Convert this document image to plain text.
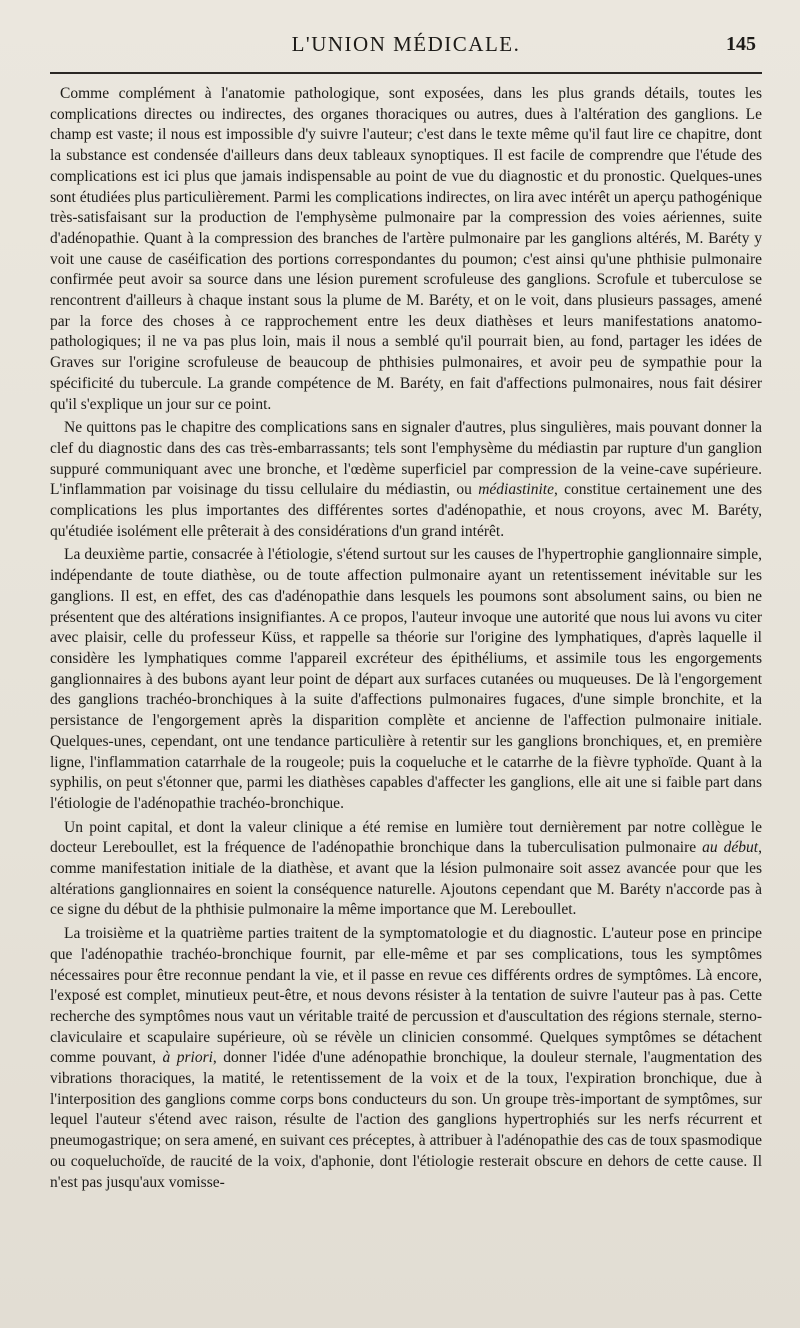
L'UNION MÉDICALE.	145

Comme complément à l'anatomie pathologique, sont exposées, dans les plus grands détails, toutes les complications directes ou indirectes, des organes thoraciques ou autres, dues à l'altération des ganglions. Le champ est vaste; il nous est impossible d'y suivre l'auteur; c'est dans le texte même qu'il faut lire ce chapitre, dont la substance est condensée d'ailleurs dans deux tableaux synoptiques. Il est facile de comprendre que l'étude des complications est ici plus que jamais indispensable au point de vue du diagnostic et du pronostic. Quelques-unes sont étudiées plus particulièrement. Parmi les complications indirectes, on lira avec intérêt un aperçu pathogénique très-satisfaisant sur la production de l'emphysème pulmonaire par la compression des voies aériennes, suite d'adénopathie. Quant à la compression des branches de l'artère pulmonaire par les ganglions altérés, M. Baréty y voit une cause de caséification des portions correspondantes du poumon; c'est ainsi qu'une phthisie pulmonaire confirmée peut avoir sa source dans une lésion purement scrofuleuse des ganglions. Scrofule et tuberculose se rencontrent d'ailleurs à chaque instant sous la plume de M. Baréty, et on le voit, dans plusieurs passages, amené par la force des choses à ce rapprochement entre les deux diathèses et leurs manifestations anatomo-pathologiques; il ne va pas plus loin, mais il nous a semblé qu'il pourrait bien, au fond, partager les idées de Graves sur l'origine scrofuleuse de beaucoup de phthisies pulmonaires, et avoir peu de sympathie pour la spécificité du tubercule. La grande compétence de M. Baréty, en fait d'affections pulmonaires, nous fait désirer qu'il s'explique un jour sur ce point.

Ne quittons pas le chapitre des complications sans en signaler d'autres, plus singulières, mais pouvant donner la clef du diagnostic dans des cas très-embarrassants; tels sont l'emphysème du médiastin par rupture d'un ganglion suppuré communiquant avec une bronche, et l'œdème superficiel par compression de la veine-cave supérieure. L'inflammation par voisinage du tissu cellulaire du médiastin, ou médiastinite, constitue certainement une des complications les plus importantes des différentes sortes d'adénopathie, et nous croyons, avec M. Baréty, qu'étudiée isolément elle prêterait à des considérations d'un grand intérêt.

La deuxième partie, consacrée à l'étiologie, s'étend surtout sur les causes de l'hypertrophie ganglionnaire simple, indépendante de toute diathèse, ou de toute affection pulmonaire ayant un retentissement inévitable sur les ganglions. Il est, en effet, des cas d'adénopathie dans lesquels les poumons sont absolument sains, ou bien ne présentent que des altérations insignifiantes. A ce propos, l'auteur invoque une autorité que nous lui avons vu citer avec plaisir, celle du professeur Küss, et rappelle sa théorie sur l'origine des lymphatiques, d'après laquelle il considère les lymphatiques comme l'appareil excréteur des épithéliums, et assimile tous les engorgements ganglionnaires à des bubons ayant leur point de départ aux surfaces cutanées ou muqueuses. De là l'engorgement des ganglions trachéo-bronchiques à la suite d'affections pulmonaires fugaces, d'une simple bronchite, et la persistance de l'engorgement après la disparition complète et ancienne de l'affection pulmonaire initiale. Quelques-unes, cependant, ont une tendance particulière à retentir sur les ganglions bronchiques, et, en première ligne, l'inflammation catarrhale de la rougeole; puis la coqueluche et le catarrhe de la fièvre typhoïde. Quant à la syphilis, on peut s'étonner que, parmi les diathèses capables d'affecter les ganglions, elle ait une si faible part dans l'étiologie de l'adénopathie trachéo-bronchique.

Un point capital, et dont la valeur clinique a été remise en lumière tout dernièrement par notre collègue le docteur Lereboullet, est la fréquence de l'adénopathie bronchique dans la tuberculisation pulmonaire au début, comme manifestation initiale de la diathèse, et avant que la lésion pulmonaire soit assez avancée pour que les altérations ganglionnaires en soient la conséquence naturelle. Ajoutons cependant que M. Baréty n'accorde pas à ce signe du début de la phthisie pulmonaire la même importance que M. Lereboullet.

La troisième et la quatrième parties traitent de la symptomatologie et du diagnostic. L'auteur pose en principe que l'adénopathie trachéo-bronchique fournit, par elle-même et par ses complications, tous les symptômes nécessaires pour être reconnue pendant la vie, et il passe en revue ces différents ordres de symptômes. Là encore, l'exposé est complet, minutieux peut-être, et nous devons résister à la tentation de suivre l'auteur pas à pas. Cette recherche des symptômes nous vaut un véritable traité de percussion et d'auscultation des régions sternale, sterno-claviculaire et scapulaire supérieure, où se révèle un clinicien consommé. Quelques symptômes se détachent comme pouvant, à priori, donner l'idée d'une adénopathie bronchique, la douleur sternale, l'augmentation des vibrations thoraciques, la matité, le retentissement de la voix et de la toux, l'expiration bronchique, due à l'interposition des ganglions comme corps bons conducteurs du son. Un groupe très-important de symptômes, sur lequel l'auteur s'étend avec raison, résulte de l'action des ganglions hypertrophiés sur les nerfs récurrent et pneumogastrique; on sera amené, en suivant ces préceptes, à attribuer à l'adénopathie des cas de toux spasmodique ou coqueluchoïde, de raucité de la voix, d'aphonie, dont l'étiologie resterait obscure en dehors de cette cause. Il n'est pas jusqu'aux vomisse-
